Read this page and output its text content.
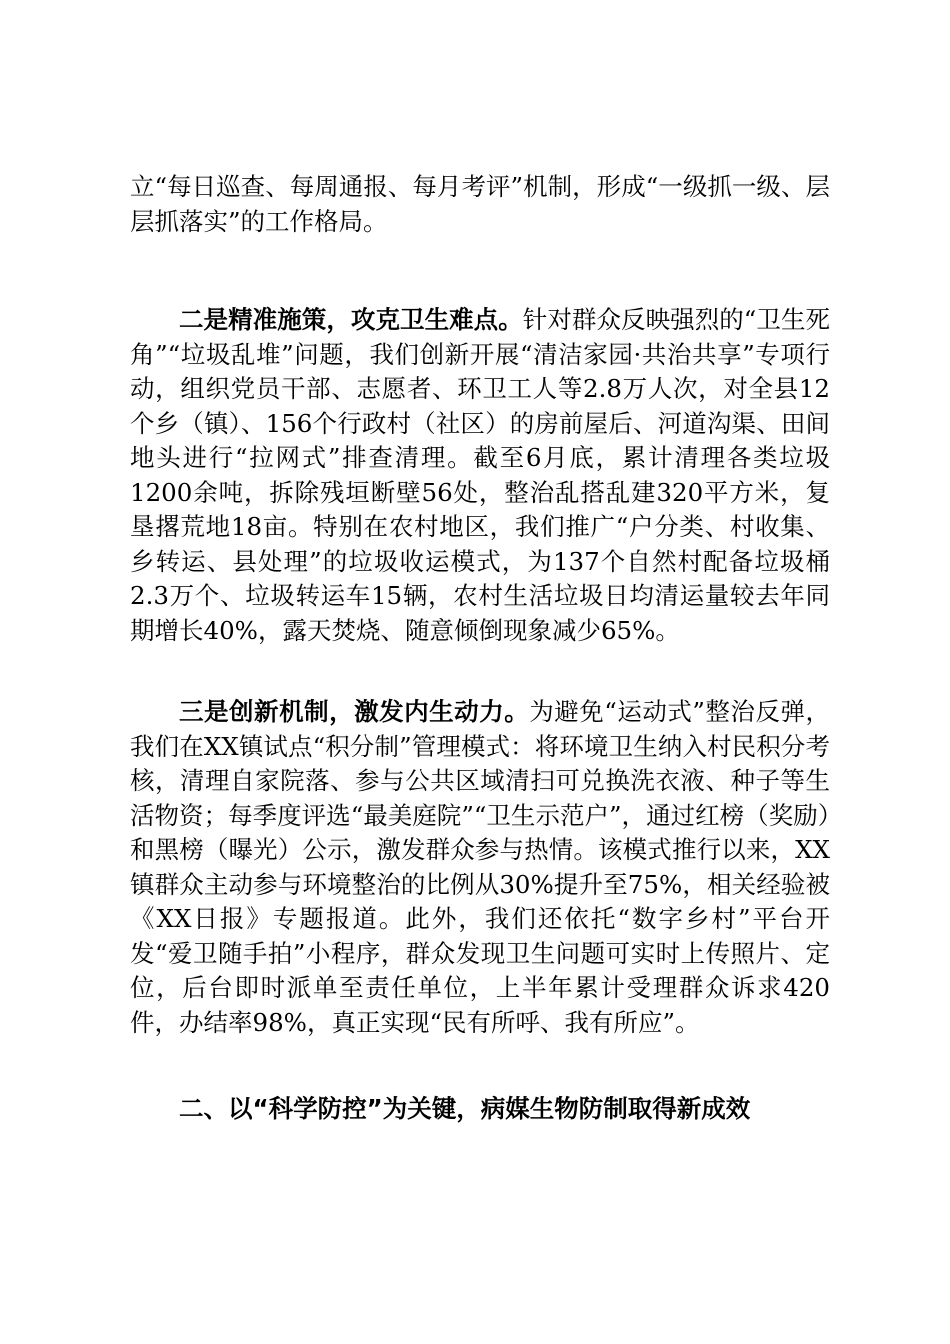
立“每日巡查、每周通报、每月考评”机制，形成“一级抓一级、层层抓落实”的工作格局。

二是精准施策，攻克卫生难点。针对群众反映强烈的“卫生死角”“垃圾乱堆”问题，我们创新开展“清洁家园·共治共享”专项行动，组织党员干部、志愿者、环卫工人等2.8万人次，对全县12个乡（镇）、156个行政村（社区）的房前屋后、河道沟渠、田间地头进行“拉网式”排查清理。截至6月底，累计清理各类垃圾1200余吨，拆除残垣断壁56处，整治乱搭乱建320平方米，复垦撂荒地18亩。特别在农村地区，我们推广“户分类、村收集、乡转运、县处理”的垃圾收运模式，为137个自然村配备垃圾桶2.3万个、垃圾转运车15辆，农村生活垃圾日均清运量较去年同期增长40%，露天焚烧、随意倾倒现象减少65%。

三是创新机制，激发内生动力。为避免“运动式”整治反弹，我们在XX镇试点“积分制”管理模式：将环境卫生纳入村民积分考核，清理自家院落、参与公共区域清扫可兑换洗衣液、种子等生活物资；每季度评选“最美庭院”“卫生示范户”，通过红榜（奖励）和黑榜（曝光）公示，激发群众参与热情。该模式推行以来，XX镇群众主动参与环境整治的比例从30%提升至75%，相关经验被《XX日报》专题报道。此外，我们还依托“数字乡村”平台开发“爱卫随手拍”小程序，群众发现卫生问题可实时上传照片、定位，后台即时派单至责任单位，上半年累计受理群众诉求420件，办结率98%，真正实现“民有所呼、我有所应”。

二、以“科学防控”为关键，病媒生物防制取得新成效
